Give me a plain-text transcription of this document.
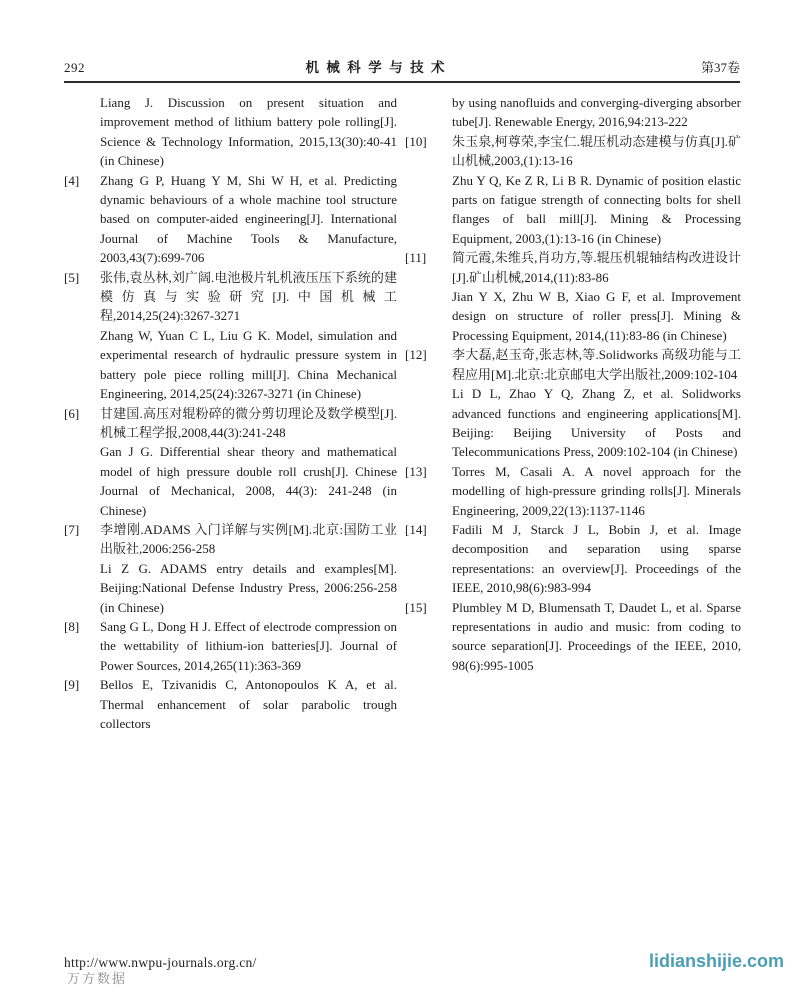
292	机械科学与技术	第37卷

Liang J. Discussion on present situation and improvement method of lithium battery pole rolling[J]. Science & Technology Information, 2015,13(30):40-41 (in Chinese)

[4] Zhang G P, Huang Y M, Shi W H, et al. Predicting dynamic behaviours of a whole machine tool structure based on computer-aided engineering[J]. International Journal of Machine Tools & Manufacture, 2003,43(7):699-706

[5] 张伟,袁丛林,刘广阔.电池极片轧机液压压下系统的建模仿真与实验研究[J].中国机械工程,2014,25(24):3267-3271

Zhang W, Yuan C L, Liu G K. Model, simulation and experimental research of hydraulic pressure system in battery pole piece rolling mill[J]. China Mechanical Engineering, 2014,25(24):3267-3271 (in Chinese)

[6] 甘建国.高压对辊粉碎的微分剪切理论及数学模型[J].机械工程学报,2008,44(3):241-248

Gan J G. Differential shear theory and mathematical model of high pressure double roll crush[J]. Chinese Journal of Mechanical, 2008, 44(3): 241-248 (in Chinese)

[7] 李增刚.ADAMS 入门详解与实例[M].北京:国防工业出版社,2006:256-258

Li Z G. ADAMS entry details and examples[M]. Beijing:National Defense Industry Press, 2006:256-258 (in Chinese)

[8] Sang G L, Dong H J. Effect of electrode compression on the wettability of lithium-ion batteries[J]. Journal of Power Sources, 2014,265(11):363-369

[9] Bellos E, Tzivanidis C, Antonopoulos K A, et al. Thermal enhancement of solar parabolic trough collectors

by using nanofluids and converging-diverging absorber tube[J]. Renewable Energy, 2016,94:213-222

[10] 朱玉泉,柯尊荣,李宝仁.辊压机动态建模与仿真[J].矿山机械,2003,(1):13-16

Zhu Y Q, Ke Z R, Li B R. Dynamic of position elastic parts on fatigue strength of connecting bolts for shell flanges of ball mill[J]. Mining & Processing Equipment, 2003,(1):13-16 (in Chinese)

[11] 简元霞,朱维兵,肖功方,等.辊压机辊轴结构改进设计[J].矿山机械,2014,(11):83-86

Jian Y X, Zhu W B, Xiao G F, et al. Improvement design on structure of roller press[J]. Mining & Processing Equipment, 2014,(11):83-86 (in Chinese)

[12] 李大磊,赵玉奇,张志林,等.Solidworks 高级功能与工程应用[M].北京:北京邮电大学出版社,2009:102-104

Li D L, Zhao Y Q, Zhang Z, et al. Solidworks advanced functions and engineering applications[M]. Beijing: Beijing University of Posts and Telecommunications Press, 2009:102-104 (in Chinese)

[13] Torres M, Casali A. A novel approach for the modelling of high-pressure grinding rolls[J]. Minerals Engineering, 2009,22(13):1137-1146

[14] Fadili M J, Starck J L, Bobin J, et al. Image decomposition and separation using sparse representations: an overview[J]. Proceedings of the IEEE, 2010,98(6):983-994

[15] Plumbley M D, Blumensath T, Daudet L, et al. Sparse representations in audio and music: from coding to source separation[J]. Proceedings of the IEEE, 2010, 98(6):995-1005

http://www.nwpu-journals.org.cn/
万方数据
lidianshijie.com
